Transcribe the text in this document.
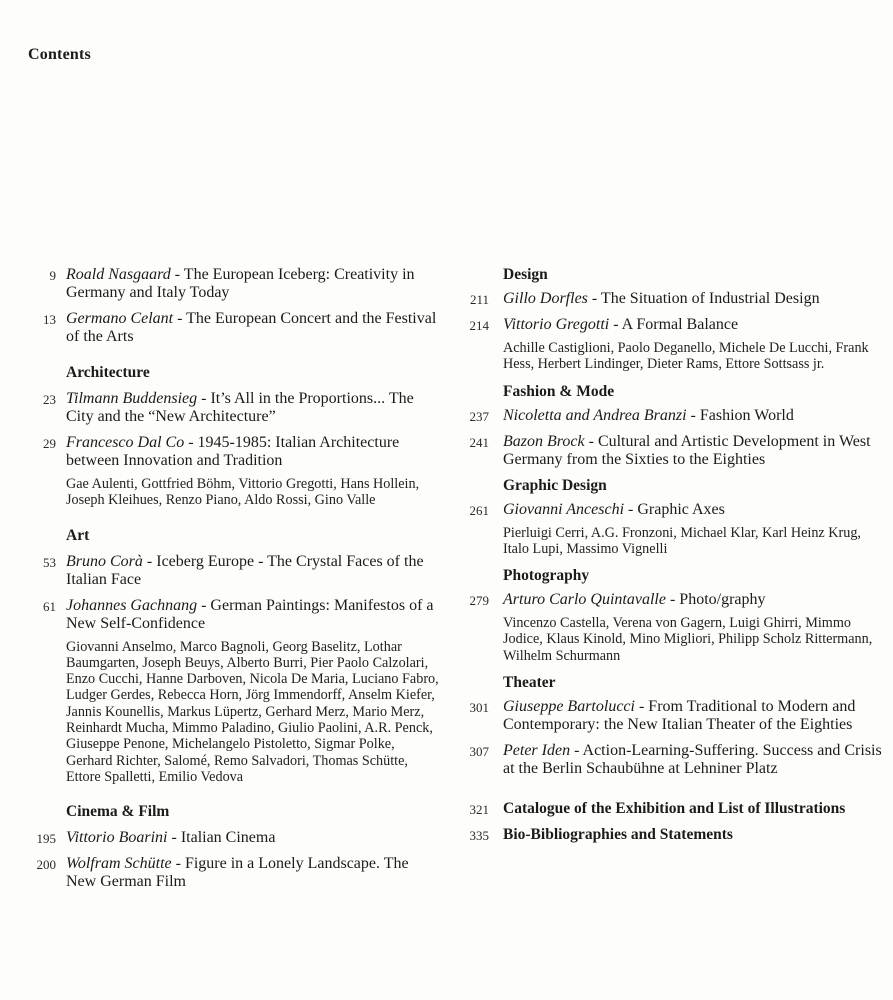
Contents
9 Roald Nasgaard - The European Iceberg: Creativity in Germany and Italy Today
13 Germano Celant - The European Concert and the Festival of the Arts
Architecture
23 Tilmann Buddensieg - It’s All in the Proportions... The City and the “New Architecture”
29 Francesco Dal Co - 1945-1985: Italian Architecture between Innovation and Tradition
Gae Aulenti, Gottfried Böhm, Vittorio Gregotti, Hans Hollein, Joseph Kleihues, Renzo Piano, Aldo Rossi, Gino Valle
Art
53 Bruno Corà - Iceberg Europe - The Crystal Faces of the Italian Face
61 Johannes Gachnang - German Paintings: Manifestos of a New Self-Confidence
Giovanni Anselmo, Marco Bagnoli, Georg Baselitz, Lothar Baumgarten, Joseph Beuys, Alberto Burri, Pier Paolo Calzolari, Enzo Cucchi, Hanne Darboven, Nicola De Maria, Luciano Fabro, Ludger Gerdes, Rebecca Horn, Jörg Immendorff, Anselm Kiefer, Jannis Kounellis, Markus Lüpertz, Gerhard Merz, Mario Merz, Reinhardt Mucha, Mimmo Paladino, Giulio Paolini, A.R. Penck, Giuseppe Penone, Michelangelo Pistoletto, Sigmar Polke, Gerhard Richter, Salomé, Remo Salvadori, Thomas Schütte, Ettore Spalletti, Emilio Vedova
Cinema & Film
195 Vittorio Boarini - Italian Cinema
200 Wolfram Schütte - Figure in a Lonely Landscape. The New German Film
Design
211 Gillo Dorfles - The Situation of Industrial Design
214 Vittorio Gregotti - A Formal Balance
Achille Castiglioni, Paolo Deganello, Michele De Lucchi, Frank Hess, Herbert Lindinger, Dieter Rams, Ettore Sottsass jr.
Fashion & Mode
237 Nicoletta and Andrea Branzi - Fashion World
241 Bazon Brock - Cultural and Artistic Development in West Germany from the Sixties to the Eighties
Graphic Design
261 Giovanni Anceschi - Graphic Axes
Pierluigi Cerri, A.G. Fronzoni, Michael Klar, Karl Heinz Krug, Italo Lupi, Massimo Vignelli
Photography
279 Arturo Carlo Quintavalle - Photo/graphy
Vincenzo Castella, Verena von Gagern, Luigi Ghirri, Mimmo Jodice, Klaus Kinold, Mino Migliori, Philipp Scholz Rittermann, Wilhelm Schurmann
Theater
301 Giuseppe Bartolucci - From Traditional to Modern and Contemporary: the New Italian Theater of the Eighties
307 Peter Iden - Action-Learning-Suffering. Success and Crisis at the Berlin Schaubühne at Lehniner Platz
321 Catalogue of the Exhibition and List of Illustrations
335 Bio-Bibliographies and Statements
